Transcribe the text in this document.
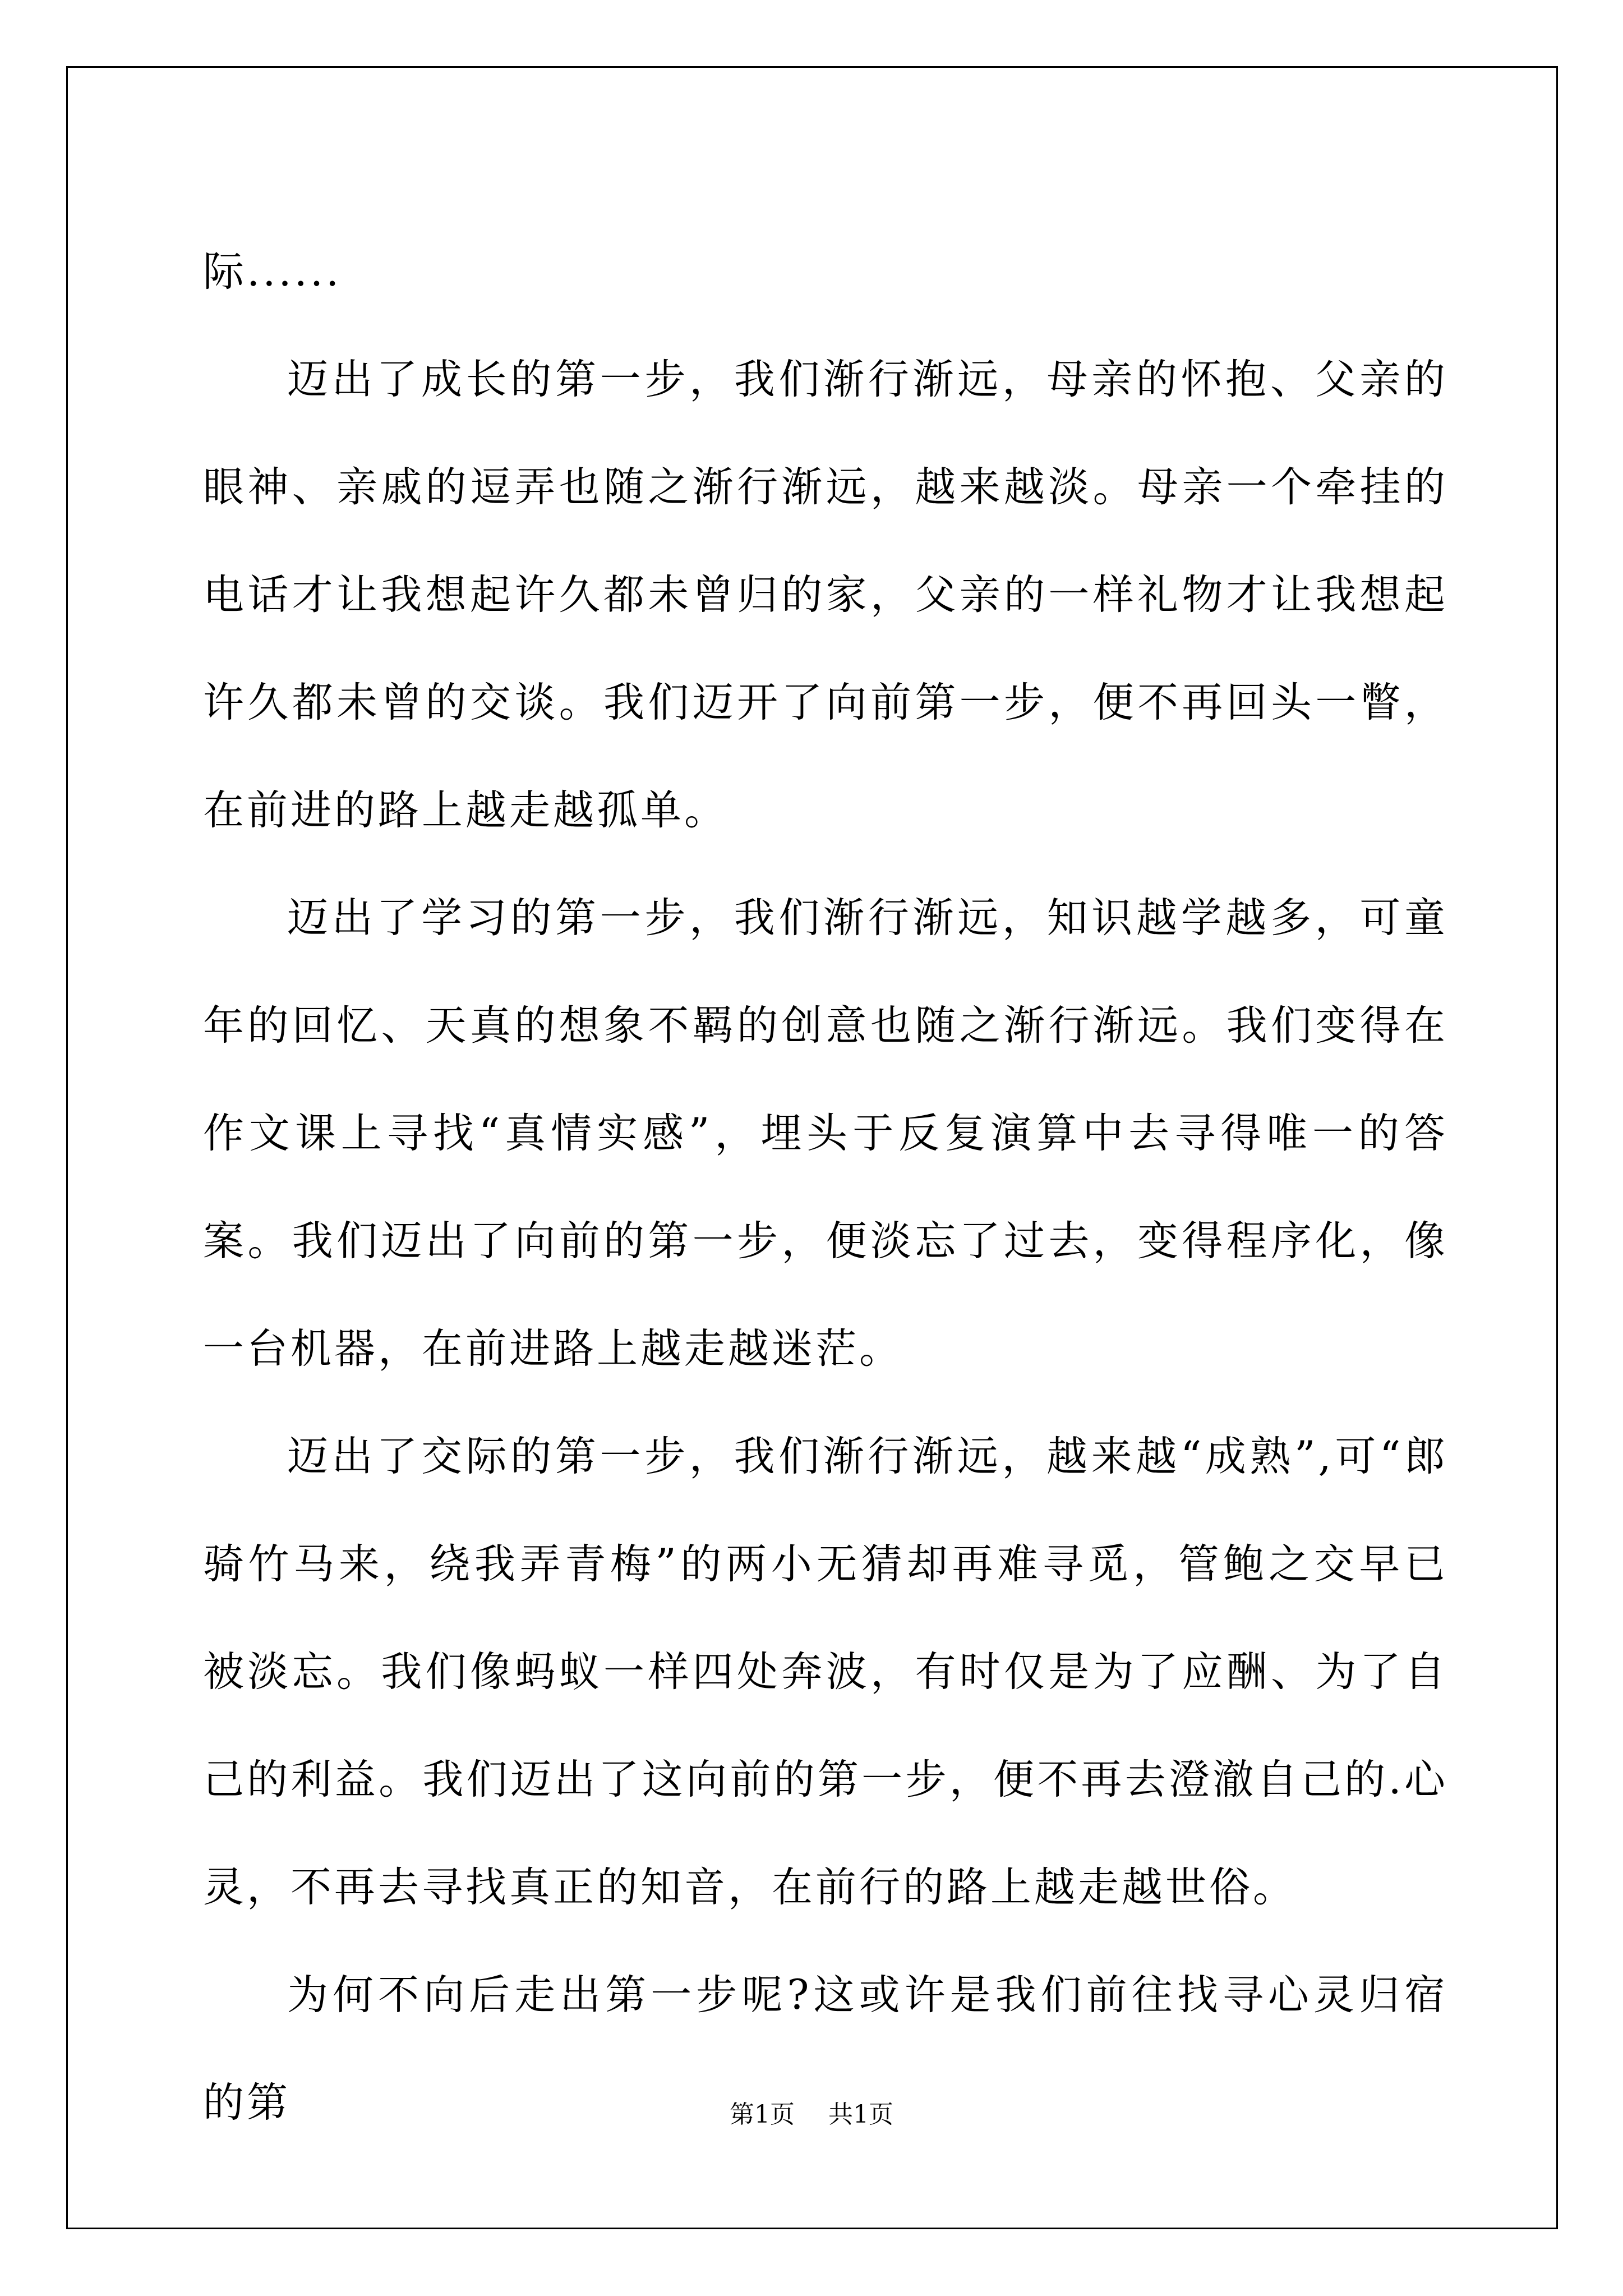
际......

迈出了成长的第一步，我们渐行渐远，母亲的怀抱、父亲的眼神、亲戚的逗弄也随之渐行渐远，越来越淡。母亲一个牵挂的电话才让我想起许久都未曾归的家，父亲的一样礼物才让我想起许久都未曾的交谈。我们迈开了向前第一步，便不再回头一瞥，在前进的路上越走越孤单。

迈出了学习的第一步，我们渐行渐远，知识越学越多，可童年的回忆、天真的想象不羁的创意也随之渐行渐远。我们变得在作文课上寻找“真情实感”，埋头于反复演算中去寻得唯一的答案。我们迈出了向前的第一步，便淡忘了过去，变得程序化，像一台机器，在前进路上越走越迷茫。

迈出了交际的第一步，我们渐行渐远，越来越“成熟”,可“郎骑竹马来，绕我弄青梅”的两小无猜却再难寻觅，管鲍之交早已被淡忘。我们像蚂蚁一样四处奔波，有时仅是为了应酬、为了自己的利益。我们迈出了这向前的第一步，便不再去澄澈自己的.心灵，不再去寻找真正的知音，在前行的路上越走越世俗。

为何不向后走出第一步呢?这或许是我们前往找寻心灵归宿的第	第1页 共1页
